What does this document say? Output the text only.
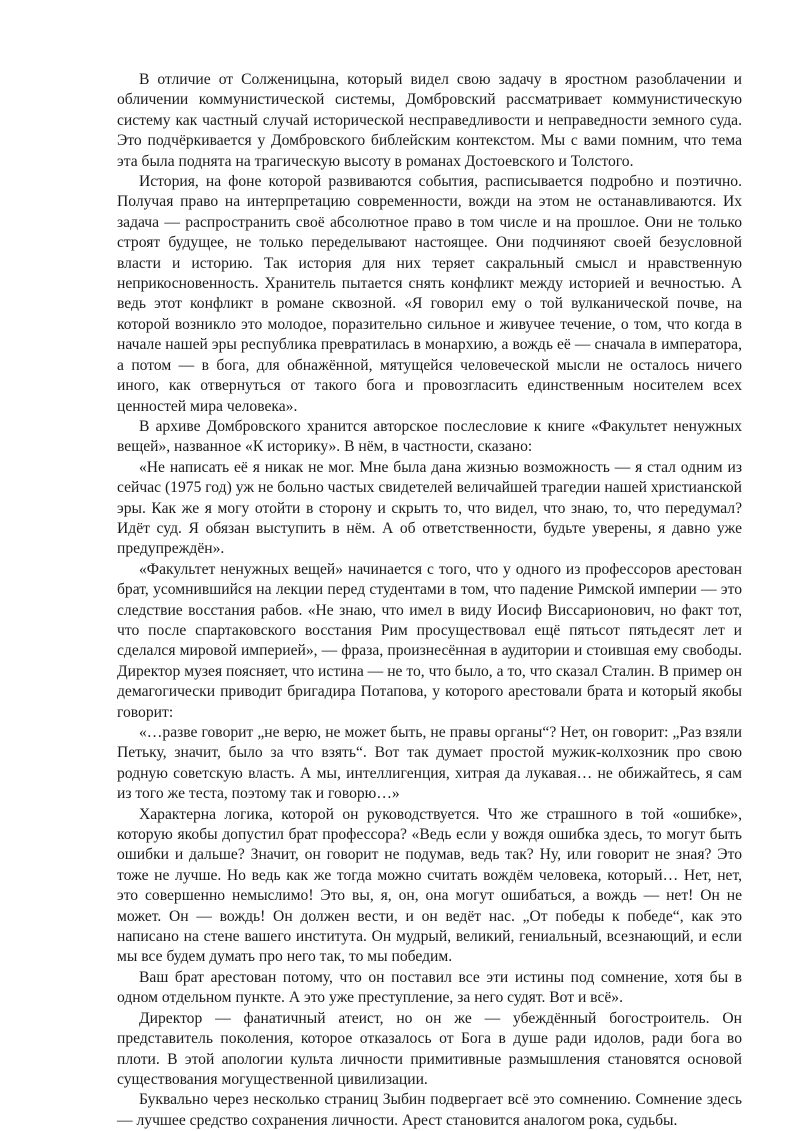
В отличие от Солженицына, который видел свою задачу в яростном разоблачении и обличении коммунистической системы, Домбровский рассматривает коммунистическую систему как частный случай исторической несправедливости и неправедности земного суда. Это подчёркивается у Домбровского библейским контекстом. Мы с вами помним, что тема эта была поднята на трагическую высоту в романах Достоевского и Толстого.

История, на фоне которой развиваются события, расписывается подробно и поэтично. Получая право на интерпретацию современности, вожди на этом не останавливаются. Их задача — распространить своё абсолютное право в том числе и на прошлое. Они не только строят будущее, не только переделывают настоящее. Они подчиняют своей безусловной власти и историю. Так история для них теряет сакральный смысл и нравственную неприкосновенность. Хранитель пытается снять конфликт между историей и вечностью. А ведь этот конфликт в романе сквозной. «Я говорил ему о той вулканической почве, на которой возникло это молодое, поразительно сильное и живучее течение, о том, что когда в начале нашей эры республика превратилась в монархию, а вождь её — сначала в императора, а потом — в бога, для обнажённой, мятущейся человеческой мысли не осталось ничего иного, как отвернуться от такого бога и провозгласить единственным носителем всех ценностей мира человека».

В архиве Домбровского хранится авторское послесловие к книге «Факультет ненужных вещей», названное «К историку». В нём, в частности, сказано:

«Не написать её я никак не мог. Мне была дана жизнью возможность — я стал одним из сейчас (1975 год) уж не больно частых свидетелей величайшей трагедии нашей христианской эры. Как же я могу отойти в сторону и скрыть то, что видел, что знаю, то, что передумал? Идёт суд. Я обязан выступить в нём. А об ответственности, будьте уверены, я давно уже предупреждён».

«Факультет ненужных вещей» начинается с того, что у одного из профессоров арестован брат, усомнившийся на лекции перед студентами в том, что падение Римской империи — это следствие восстания рабов. «Не знаю, что имел в виду Иосиф Виссарионович, но факт тот, что после спартаковского восстания Рим просуществовал ещё пятьсот пятьдесят лет и сделался мировой империей», — фраза, произнесённая в аудитории и стоившая ему свободы. Директор музея поясняет, что истина — не то, что было, а то, что сказал Сталин. В пример он демагогически приводит бригадира Потапова, у которого арестовали брата и который якобы говорит:

«…разве говорит „не верю, не может быть, не правы органы“? Нет, он говорит: „Раз взяли Петьку, значит, было за что взять“. Вот так думает простой мужик-колхозник про свою родную советскую власть. А мы, интеллигенция, хитрая да лукавая… не обижайтесь, я сам из того же теста, поэтому так и говорю…»

Характерна логика, которой он руководствуется. Что же страшного в той «ошибке», которую якобы допустил брат профессора? «Ведь если у вождя ошибка здесь, то могут быть ошибки и дальше? Значит, он говорит не подумав, ведь так? Ну, или говорит не зная? Это тоже не лучше. Но ведь как же тогда можно считать вождём человека, который… Нет, нет, это совершенно немыслимо! Это вы, я, он, она могут ошибаться, а вождь — нет! Он не может. Он — вождь! Он должен вести, и он ведёт нас. „От победы к победе“, как это написано на стене вашего института. Он мудрый, великий, гениальный, всезнающий, и если мы все будем думать про него так, то мы победим.

Ваш брат арестован потому, что он поставил все эти истины под сомнение, хотя бы в одном отдельном пункте. А это уже преступление, за него судят. Вот и всё».

Директор — фанатичный атеист, но он же — убеждённый богостроитель. Он представитель поколения, которое отказалось от Бога в душе ради идолов, ради бога во плоти. В этой апологии культа личности примитивные размышления становятся основой существования могущественной цивилизации.

Буквально через несколько страниц Зыбин подвергает всё это сомнению. Сомнение здесь — лучшее средство сохранения личности. Арест становится аналогом рока, судьбы.
